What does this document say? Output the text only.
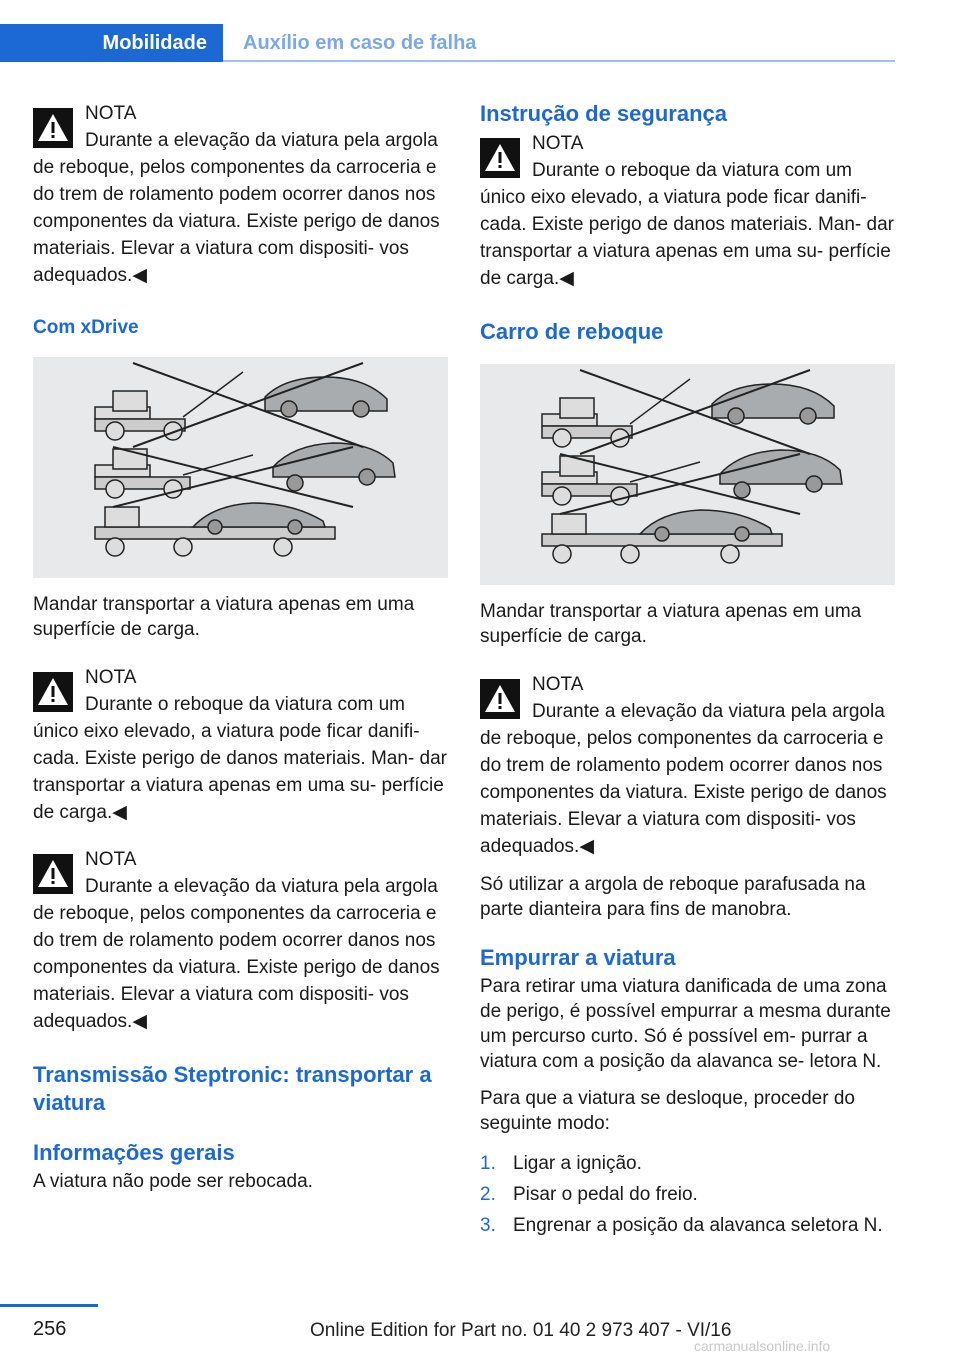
Mobilidade	Auxílio em caso de falha
NOTA
Durante a elevação da viatura pela argola de reboque, pelos componentes da carroceria e do trem de rolamento podem ocorrer danos nos componentes da viatura. Existe perigo de danos materiais. Elevar a viatura com dispositi‐ vos adequados.◀
Com xDrive
Mandar transportar a viatura apenas em uma superfície de carga.
NOTA
Durante o reboque da viatura com um único eixo elevado, a viatura pode ficar danifi‐ cada. Existe perigo de danos materiais. Man‐ dar transportar a viatura apenas em uma su‐ perfície de carga.◀
NOTA
Durante a elevação da viatura pela argola de reboque, pelos componentes da carroceria e do trem de rolamento podem ocorrer danos nos componentes da viatura. Existe perigo de danos materiais. Elevar a viatura com dispositi‐ vos adequados.◀
Transmissão Steptronic: transportar a viatura
Informações gerais
A viatura não pode ser rebocada.
Instrução de segurança
NOTA
Durante o reboque da viatura com um único eixo elevado, a viatura pode ficar danifi‐ cada. Existe perigo de danos materiais. Man‐ dar transportar a viatura apenas em uma su‐ perfície de carga.◀
Carro de reboque
Mandar transportar a viatura apenas em uma superfície de carga.
NOTA
Durante a elevação da viatura pela argola de reboque, pelos componentes da carroceria e do trem de rolamento podem ocorrer danos nos componentes da viatura. Existe perigo de danos materiais. Elevar a viatura com dispositi‐ vos adequados.◀
Só utilizar a argola de reboque parafusada na parte dianteira para fins de manobra.
Empurrar a viatura
Para retirar uma viatura danificada de uma zona de perigo, é possível empurrar a mesma durante um percurso curto. Só é possível em‐ purrar a viatura com a posição da alavanca se‐ letora N.
Para que a viatura se desloque, proceder do seguinte modo:
1. Ligar a ignição.
2. Pisar o pedal do freio.
3. Engrenar a posição da alavanca seletora N.
256	Online Edition for Part no. 01 40 2 973 407 - VI/16
carmanualsonline.info
